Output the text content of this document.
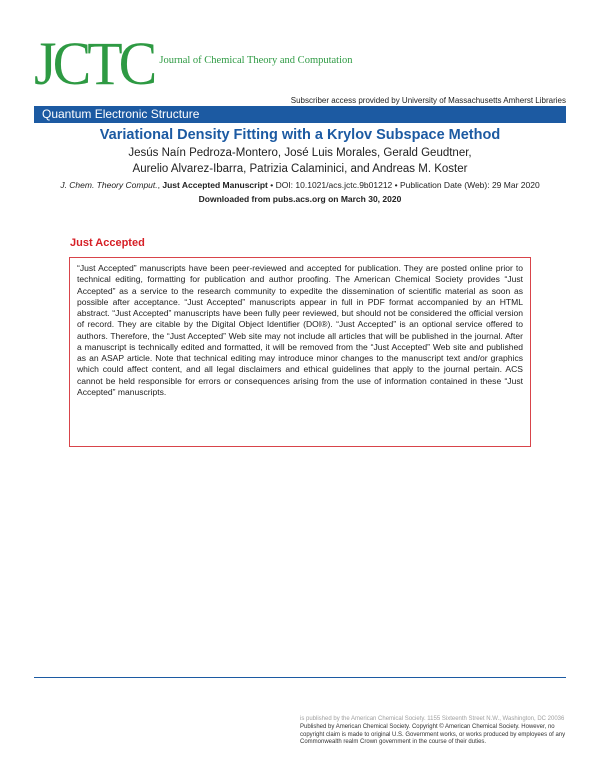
JCTC Journal of Chemical Theory and Computation
Subscriber access provided by University of Massachusetts Amherst Libraries
Quantum Electronic Structure
Variational Density Fitting with a Krylov Subspace Method
Jesús Naín Pedroza-Montero, José Luis Morales, Gerald Geudtner,
Aurelio Alvarez-Ibarra, Patrizia Calaminici, and Andreas M. Koster
J. Chem. Theory Comput., Just Accepted Manuscript • DOI: 10.1021/acs.jctc.9b01212 • Publication Date (Web): 29 Mar 2020
Downloaded from pubs.acs.org on March 30, 2020
Just Accepted

“Just Accepted” manuscripts have been peer-reviewed and accepted for publication. They are posted online prior to technical editing, formatting for publication and author proofing. The American Chemical Society provides “Just Accepted” as a service to the research community to expedite the dissemination of scientific material as soon as possible after acceptance. “Just Accepted” manuscripts appear in full in PDF format accompanied by an HTML abstract. “Just Accepted” manuscripts have been fully peer reviewed, but should not be considered the official version of record. They are citable by the Digital Object Identifier (DOI®). “Just Accepted” is an optional service offered to authors. Therefore, the “Just Accepted” Web site may not include all articles that will be published in the journal. After a manuscript is technically edited and formatted, it will be removed from the “Just Accepted” Web site and published as an ASAP article. Note that technical editing may introduce minor changes to the manuscript text and/or graphics which could affect content, and all legal disclaimers and ethical guidelines that apply to the journal pertain. ACS cannot be held responsible for errors or consequences arising from the use of information contained in these “Just Accepted” manuscripts.

is published by the American Chemical Society. 1155 Sixteenth Street N.W., Washington, DC 20036
Published by American Chemical Society. Copyright © American Chemical Society. However, no copyright claim is made to original U.S. Government works, or works produced by employees of any Commonwealth realm Crown government in the course of their duties.
